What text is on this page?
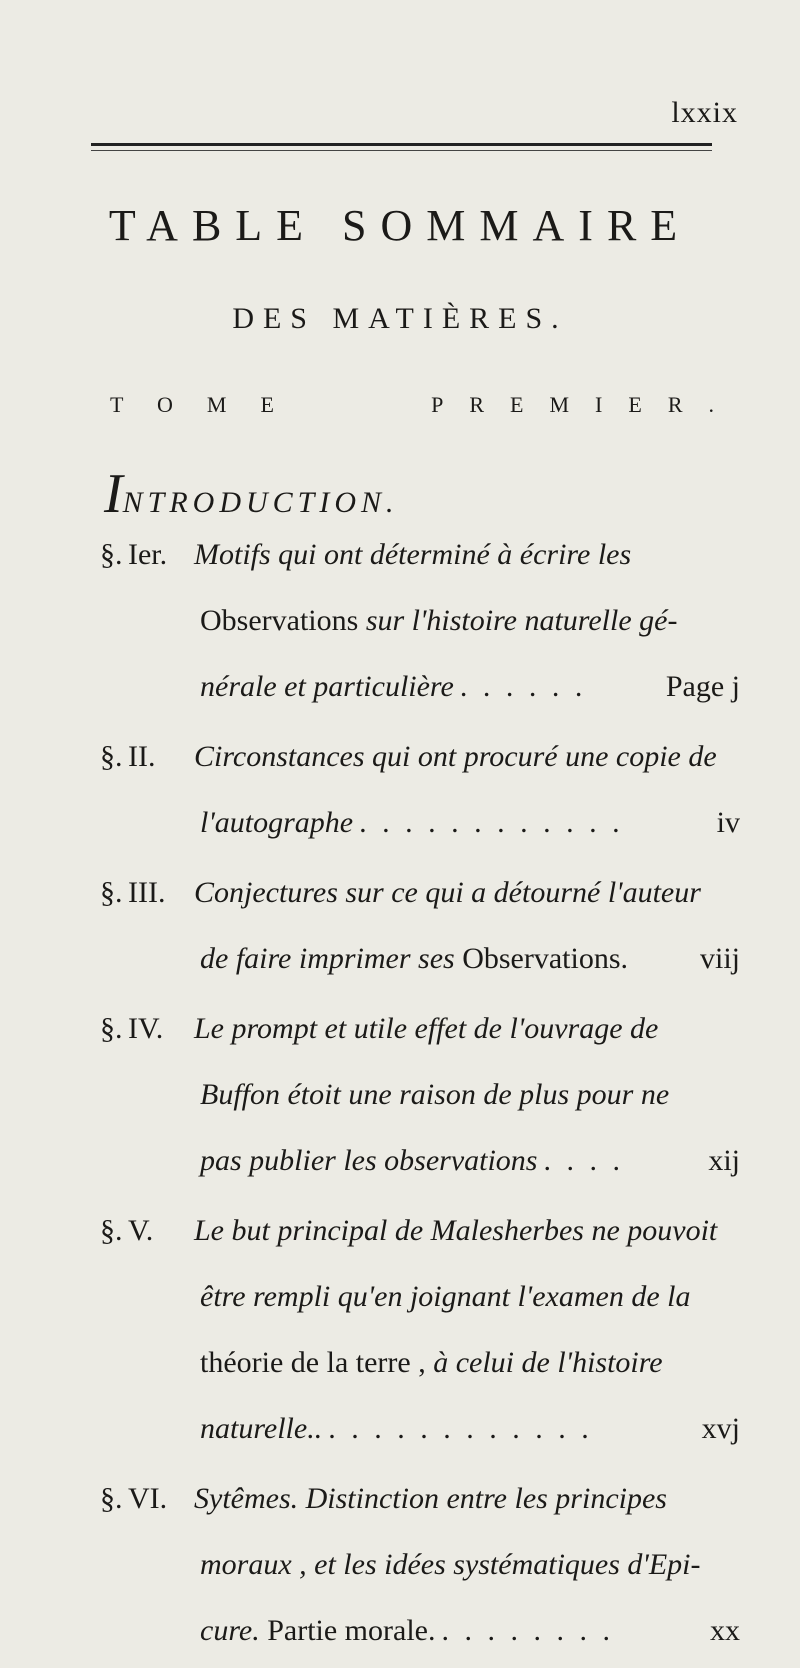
lxxix
TABLE SOMMAIRE
DES MATIÈRES.
TOME	PREMIER.
INTRODUCTION.
§. Ier. Motifs qui ont déterminé à écrire les
Observations sur l'histoire naturelle gé-
nérale et particulière . . . . . .	Page j
§. II.	Circonstances qui ont procuré une copie de
l'autographe . . . . . . . . . . . .	iv
§. III. Conjectures sur ce qui a détourné l'auteur
de faire imprimer ses Observations. viij
§. IV.	Le prompt et utile effet de l'ouvrage de
Buffon étoit une raison de plus pour ne
pas publier les observations . . . .	xij
§. V.	Le but principal de Malesherbes ne pouvoit
être rempli qu'en joignant l'examen de la
théorie de la terre , à celui de l'histoire
naturelle.. . . . . . . . . . . . .	xvj
§. VI. Sytêmes. Distinction entre les principes
moraux , et les idées systématiques d'Epi-
cure. Partie morale. . . . . . . . .	xx
